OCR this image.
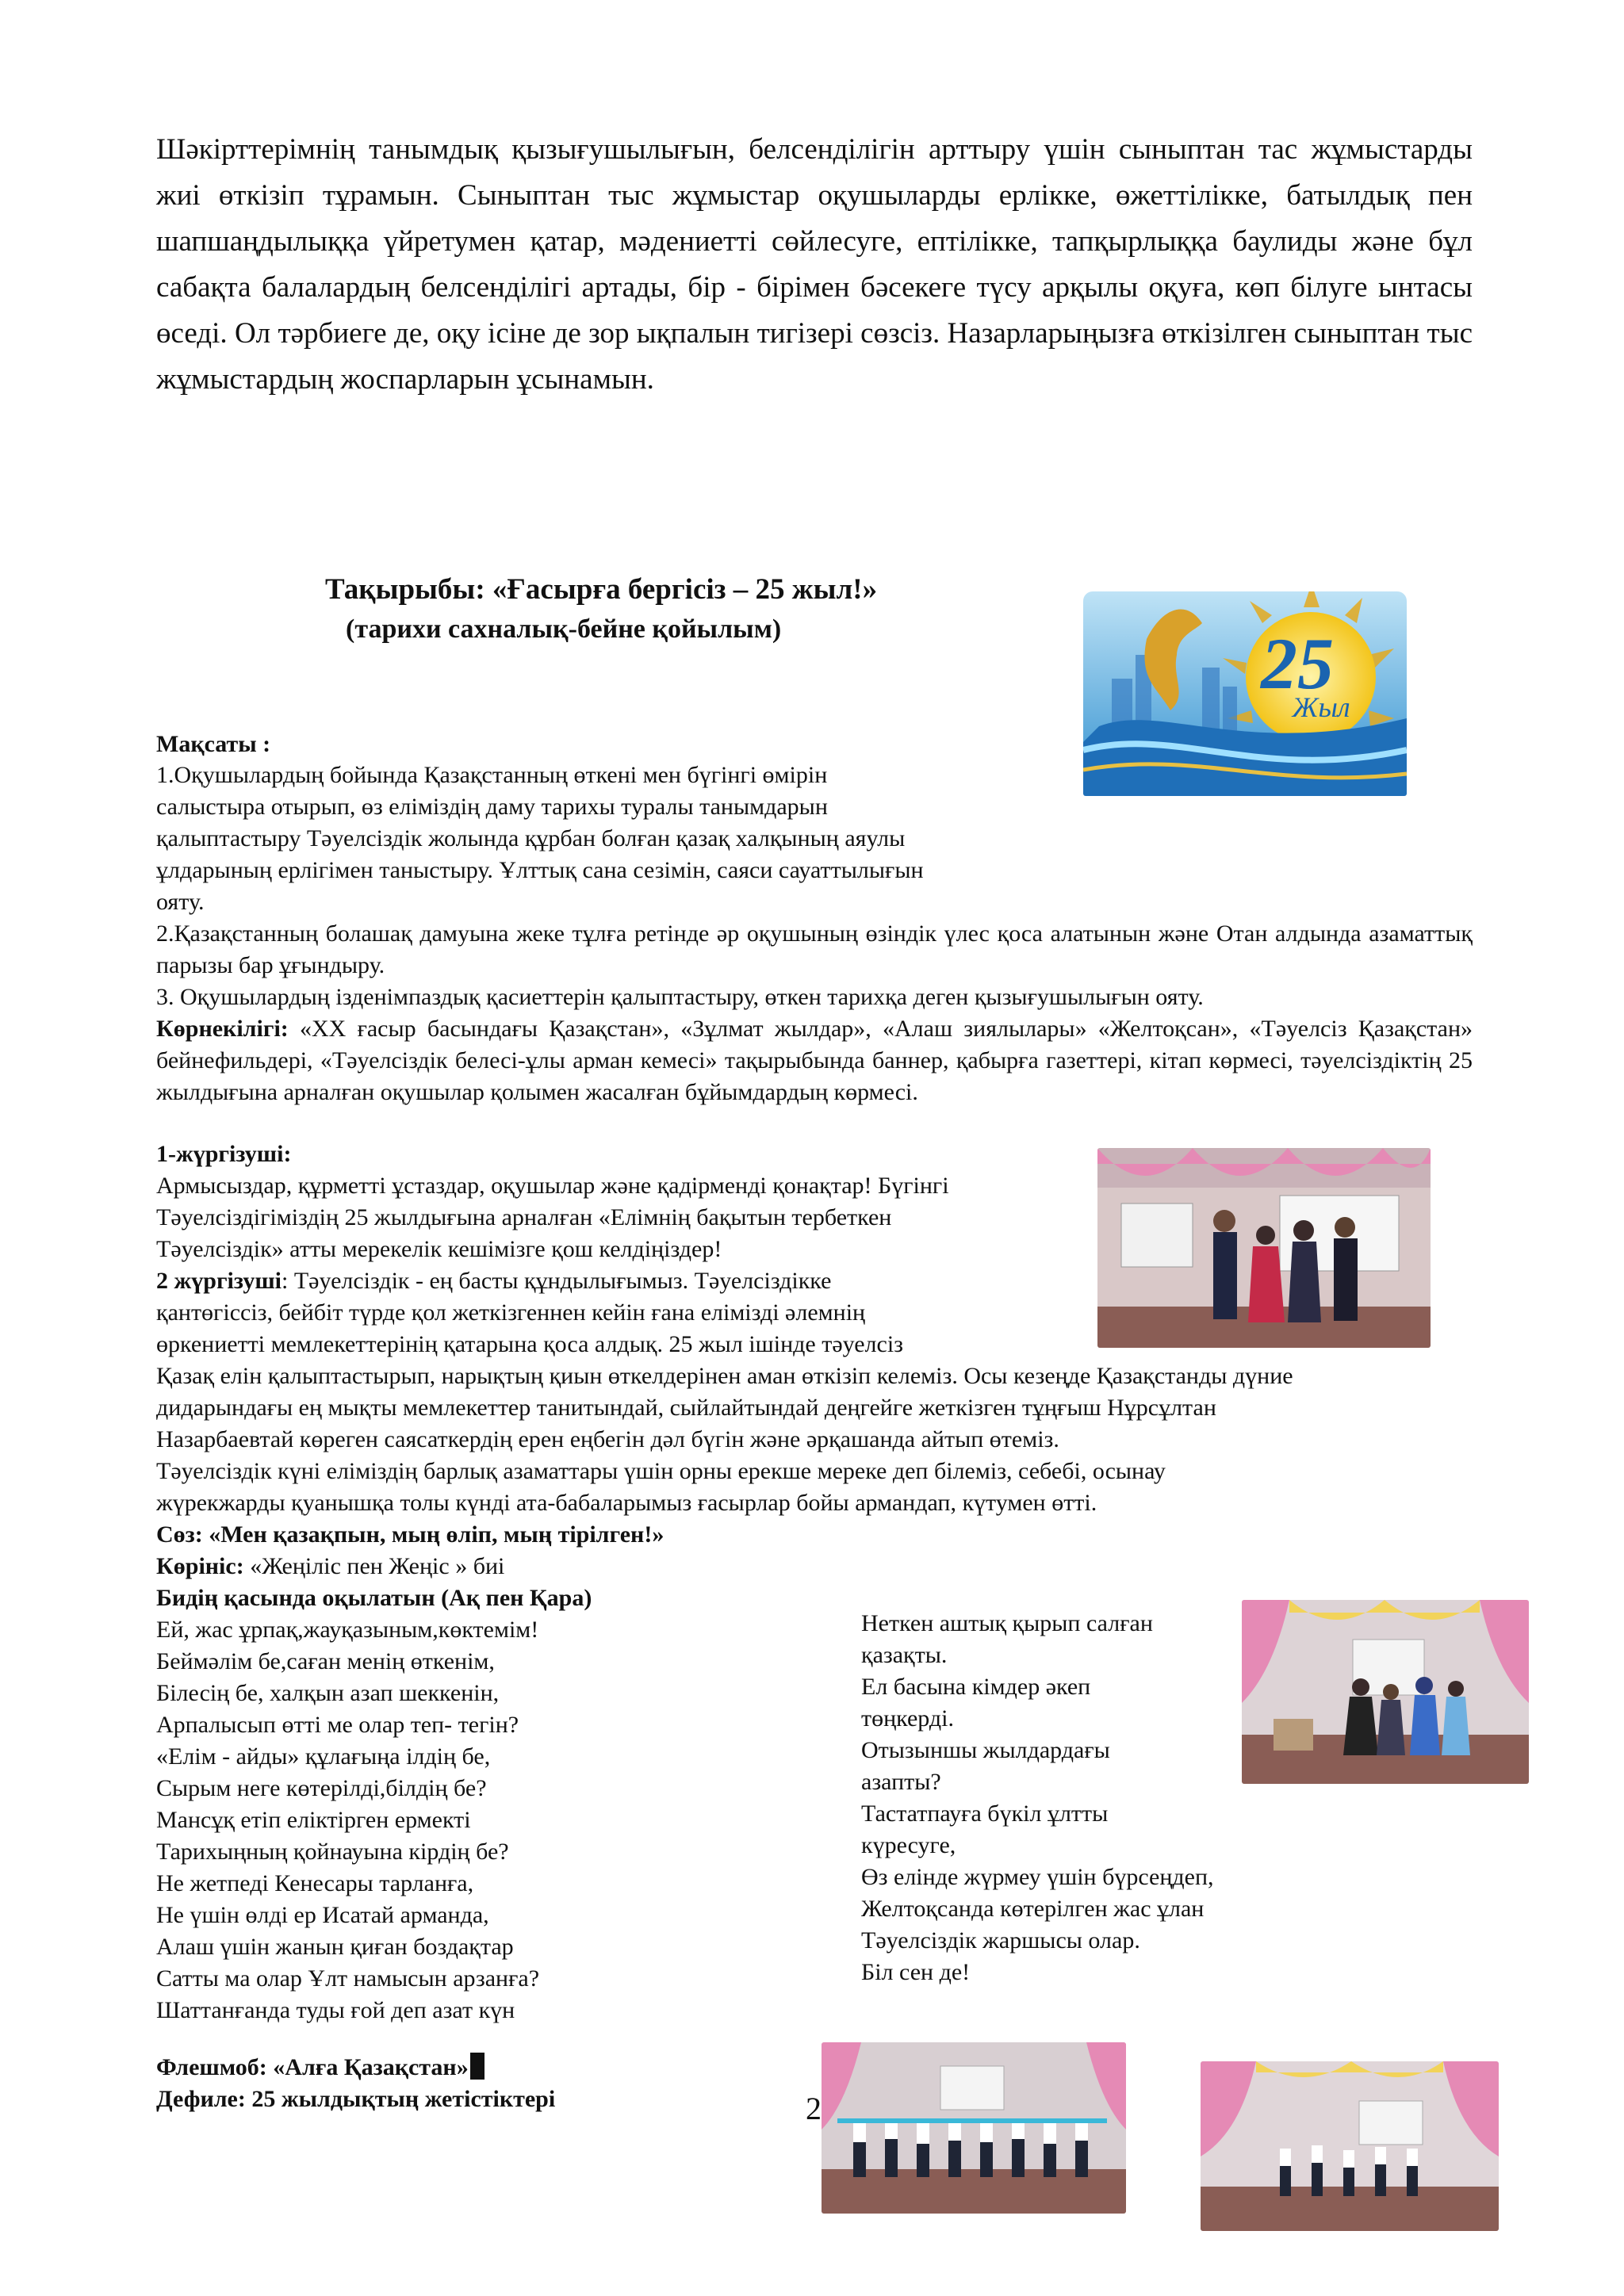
Шәкірттерімнің танымдық қызығушылығын, белсенділігін арттыру үшін сыныптан тас жұмыстарды жиі өткізіп тұрамын. Сыныптан тыс жұмыстар оқушыларды ерлікке, өжеттілікке, батылдық пен шапшаңдылыққа үйретумен қатар, мәдениетті сөйлесуге, ептілікке, тапқырлыққа баулиды және бұл сабақта балалардың белсенділігі артады, бір - бірімен бәсекеге түсу арқылы оқуға, көп білуге ынтасы өседі. Ол тәрбиеге де, оқу ісіне де зор ықпалын тигізері сөзсіз. Назарларыңызға өткізілген сыныптан тыс жұмыстардың жоспарларын ұсынамын.
Тақырыбы: «Ғасырға бергісіз – 25 жыл!»
(тарихи сахналық-бейне қойылым)	25
Жыл
Мақсаты :
1.Оқушылардың бойында Қазақстанның өткені мен бүгінгі өмірін
салыстыра отырып, өз еліміздің даму тарихы туралы танымдарын
қалыптастыру Тәуелсіздік жолында құрбан болған қазақ халқының аяулы
ұлдарының ерлігімен таныстыру. Ұлттық сана сезімін, саяси сауаттылығын
ояту.
2.Қазақстанның болашақ дамуына жеке тұлға ретінде әр оқушының өзіндік үлес қоса алатынын және Отан алдында азаматтық парызы бар ұғындыру.
3. Оқушылардың ізденімпаздық қасиеттерін қалыптастыру, өткен тарихқа деген қызығушылығын ояту.
Көрнекілігі: «ХХ ғасыр басындағы Қазақстан», «Зұлмат жылдар», «Алаш зиялылары» «Желтоқсан», «Тәуелсіз Қазақстан» бейнефильдері, «Тәуелсіздік белесі-ұлы арман кемесі» тақырыбында баннер, қабырға газеттері, кітап көрмесі, тәуелсіздіктің 25 жылдығына арналған оқушылар қолымен жасалған бұйымдардың көрмесі.
1-жүргізуші:
Армысыздар, құрметті ұстаздар, оқушылар және қадірменді қонақтар! Бүгінгі
Тәуелсіздігіміздің 25 жылдығына арналған «Елімнің бақытын тербеткен
Тәуелсіздік» атты мерекелік кешімізге қош келдіңіздер!
2 жүргізуші: Тәуелсіздік - ең басты құндылығымыз. Тәуелсіздікке
қантөгіссіз, бейбіт түрде қол жеткізгеннен кейін ғана елімізді әлемнің
өркениетті мемлекеттерінің қатарына қоса алдық. 25 жыл ішінде тәуелсіз
Қазақ елін қалыптастырып, нарықтың қиын өткелдерінен аман өткізіп келеміз. Осы кезеңде Қазақстанды дүние
дидарындағы ең мықты мемлекеттер танитындай, сыйлайтындай деңгейге жеткізген тұңғыш Нұрсұлтан
Назарбаевтай көреген саясаткердің ерен еңбегін дәл бүгін және әрқашанда айтып өтеміз.
Тәуелсіздік күні еліміздің барлық азаматтары үшін орны ерекше мереке деп білеміз, себебі, осынау
жүрекжарды қуанышқа толы күнді ата-бабаларымыз ғасырлар бойы армандап, күтумен өтті.
Сөз: «Мен қазақпын, мың өліп, мың тірілген!»
Көрініс: «Жеңіліс пен Жеңіс » биі
Бидің қасында оқылатын (Ақ пен Қара)
Ей, жас ұрпақ,жауқазыным,көктемім!
Беймәлім бе,саған менің өткенім,
Білесің бе, халқын азап шеккенін,
Арпалысып өтті ме олар теп- тегін?
«Елім - айды» құлағыңа ілдің бе,
Сырым неге көтерілді,білдің бе?
Мансұқ етіп еліктірген ермекті
Тарихыңның қойнауына кірдің бе?
Не жетпеді Кенесары тарланға,
Не үшін өлді ер Исатай арманда,
Алаш үшін жанын қиған боздақтар
Сатты ма олар Ұлт намысын арзанға?
Шаттанғанда туды ғой деп азат күн
Неткен аштық қырып салған
қазақты.
Ел басына кімдер әкеп
төңкерді.
Отызыншы жылдардағы
азапты?
Тастатпауға бүкіл ұлтты
күресуге,
Өз елінде жүрмеу үшін бүрсеңдеп,
Желтоқсанда көтерілген жас ұлан
Тәуелсіздік жаршысы олар.
Біл сен де!
Флешмоб: «Алға Қазақстан»
Дефиле: 25 жылдықтың жетістіктері	2
